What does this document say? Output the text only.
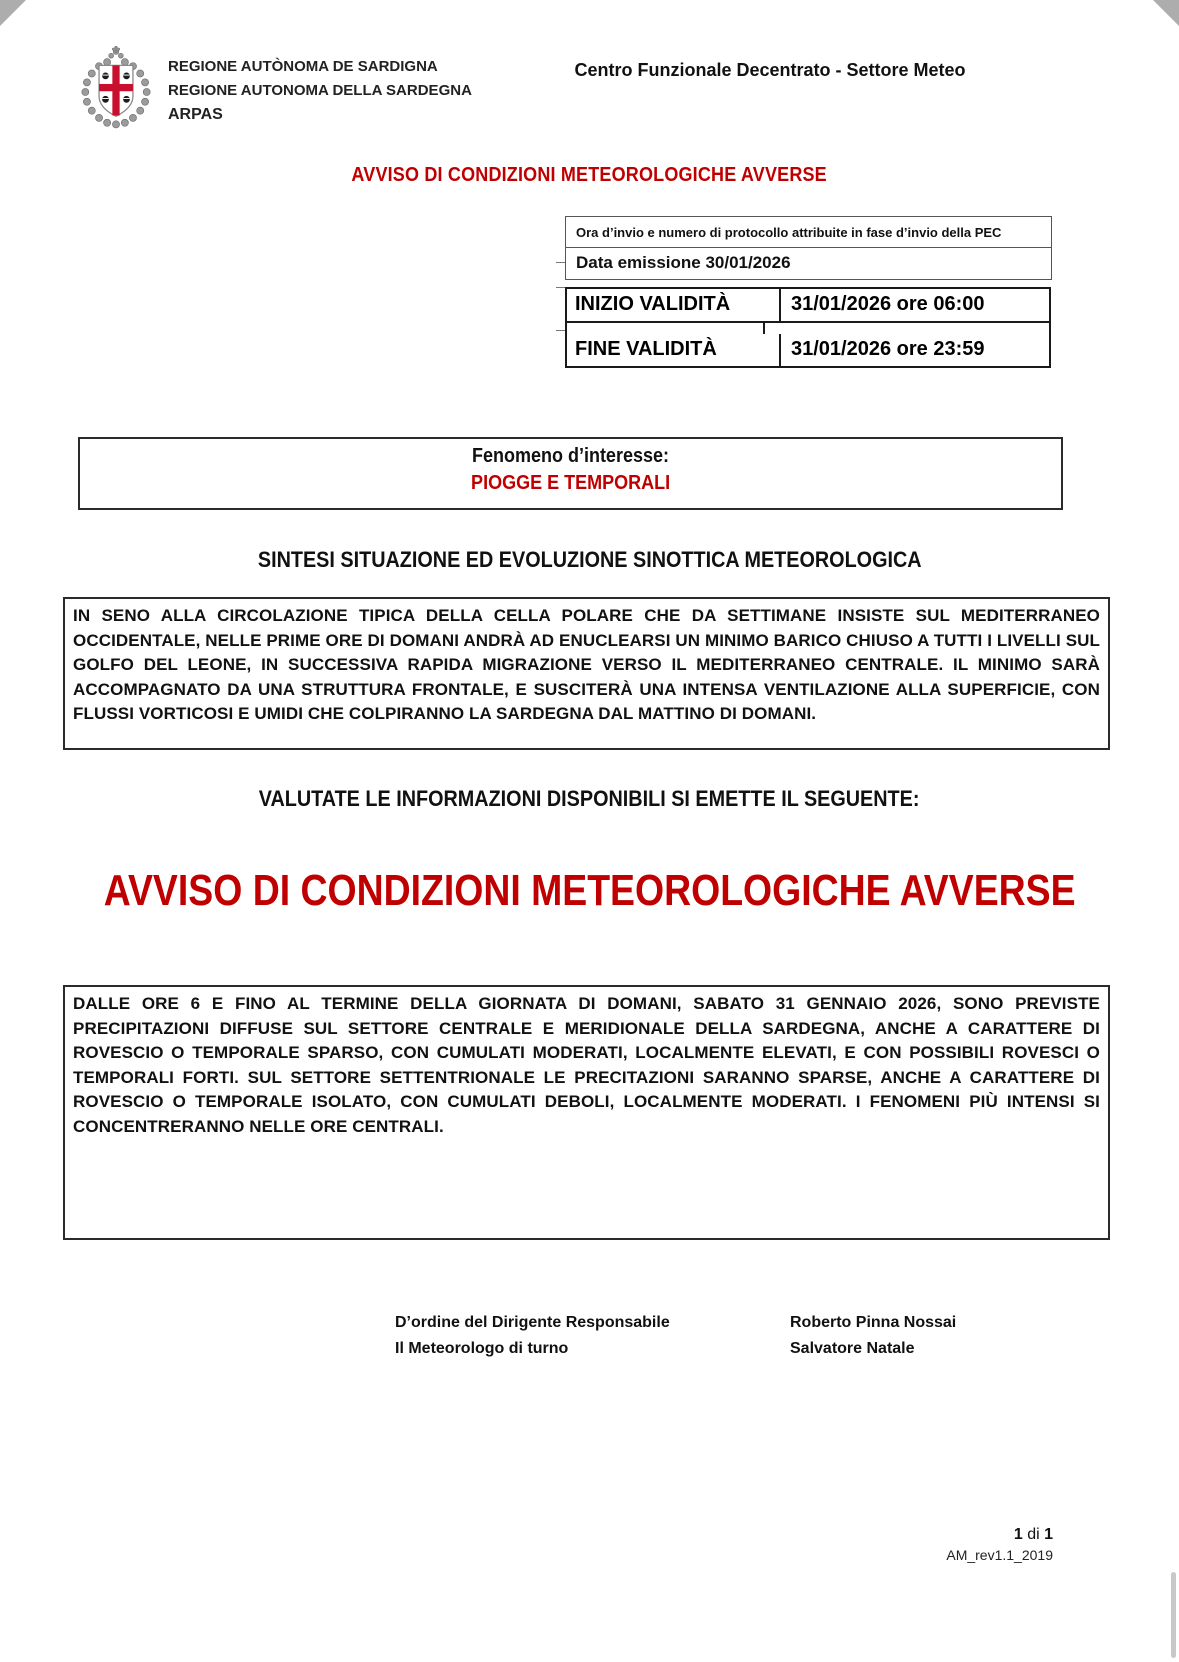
REGIONE AUTÒNOMA DE SARDIGNA
REGIONE AUTONOMA DELLA SARDEGNA
ARPAS
Centro Funzionale Decentrato - Settore Meteo
AVVISO DI CONDIZIONI METEOROLOGICHE AVVERSE
Ora d’invio e numero di protocollo attribuite in fase d’invio della PEC
Data emissione 30/01/2026
INIZIO VALIDITÀ	31/01/2026 ore 06:00
FINE VALIDITÀ	31/01/2026 ore 23:59
Fenomeno d’interesse:
PIOGGE E TEMPORALI
SINTESI SITUAZIONE ED EVOLUZIONE SINOTTICA METEOROLOGICA
IN SENO ALLA CIRCOLAZIONE TIPICA DELLA CELLA POLARE CHE DA SETTIMANE INSISTE SUL MEDITERRANEO OCCIDENTALE, NELLE PRIME ORE DI DOMANI ANDRÀ AD ENUCLEARSI UN MINIMO BARICO CHIUSO A TUTTI I LIVELLI SUL GOLFO DEL LEONE, IN SUCCESSIVA RAPIDA MIGRAZIONE VERSO IL MEDITERRANEO CENTRALE. IL MINIMO SARÀ ACCOMPAGNATO DA UNA STRUTTURA FRONTALE, E SUSCITERÀ UNA INTENSA VENTILAZIONE ALLA SUPERFICIE, CON FLUSSI VORTICOSI E UMIDI CHE COLPIRANNO LA SARDEGNA DAL MATTINO DI DOMANI.
VALUTATE LE INFORMAZIONI DISPONIBILI SI EMETTE IL SEGUENTE:
AVVISO DI CONDIZIONI METEOROLOGICHE AVVERSE
DALLE ORE 6 E FINO AL TERMINE DELLA GIORNATA DI DOMANI, SABATO 31 GENNAIO 2026, SONO PREVISTE PRECIPITAZIONI DIFFUSE SUL SETTORE CENTRALE E MERIDIONALE DELLA SARDEGNA, ANCHE A CARATTERE DI ROVESCIO O TEMPORALE SPARSO, CON CUMULATI MODERATI, LOCALMENTE ELEVATI, E CON POSSIBILI ROVESCI O TEMPORALI FORTI. SUL SETTORE SETTENTRIONALE LE PRECITAZIONI SARANNO SPARSE, ANCHE A CARATTERE DI ROVESCIO O TEMPORALE ISOLATO, CON CUMULATI DEBOLI, LOCALMENTE MODERATI. I FENOMENI PIÙ INTENSI SI CONCENTRERANNO NELLE ORE CENTRALI.
D’ordine del Dirigente Responsabile
Il Meteorologo di turno
Roberto Pinna Nossai
Salvatore Natale
1 di 1
AM_rev1.1_2019
